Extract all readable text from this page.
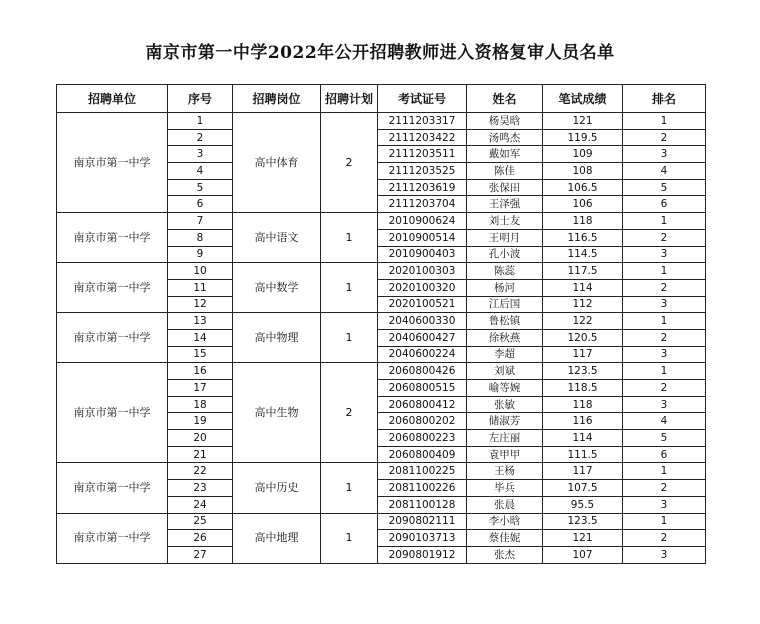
南京市第一中学2022年公开招聘教师进入资格复审人员名单
招聘单位	序号	招聘岗位	招聘计划	考试证号	姓名	笔试成绩	排名
南京市第一中学	1	高中体育	2	2111203317	杨昊晗	121	1
	2			2111203422	汤鸣杰	119.5	2
	3			2111203511	戴如军	109	3
	4			2111203525	陈佳	108	4
	5			2111203619	张保田	106.5	5
	6			2111203704	王泽强	106	6
南京市第一中学	7	高中语文	1	2010900624	刘士友	118	1
	8			2010900514	王明月	116.5	2
	9			2010900403	孔小波	114.5	3
南京市第一中学	10	高中数学	1	2020100303	陈蕊	117.5	1
	11			2020100320	杨河	114	2
	12			2020100521	江后国	112	3
南京市第一中学	13	高中物理	1	2040600330	鲁松镇	122	1
	14			2040600427	徐秋燕	120.5	2
	15			2040600224	李超	117	3
南京市第一中学	16	高中生物	2	2060800426	刘斌	123.5	1
	17			2060800515	喻等婉	118.5	2
	18			2060800412	张敏	118	3
	19			2060800202	储淑芳	116	4
	20			2060800223	左庄丽	114	5
	21			2060800409	袁甲甲	111.5	6
南京市第一中学	22	高中历史	1	2081100225	王杨	117	1
	23			2081100226	毕兵	107.5	2
	24			2081100128	张晨	95.5	3
南京市第一中学	25	高中地理	1	2090802111	李小晗	123.5	1
	26			2090103713	蔡佳妮	121	2
	27			2090801912	张杰	107	3
